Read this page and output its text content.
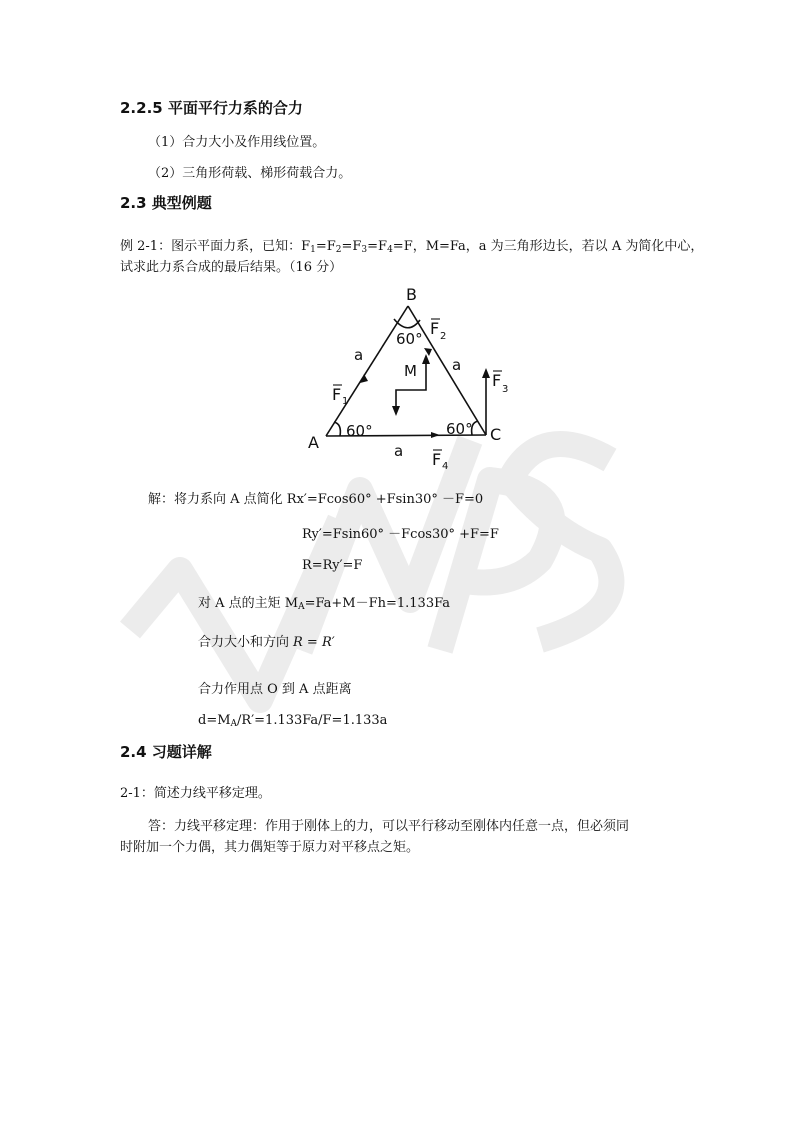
2.2.5 平面平行力系的合力
（1）合力大小及作用线位置。
（2）三角形荷载、梯形荷载合力。
2.3 典型例题
例 2-1：图示平面力系，已知：$F_1=F_2=F_3=F_4=F$，M=Fa，a 为三角形边长，若以 A 为简化中心，
试求此力系合成的最后结果。（16 分）
B
A	C
60°
60°	60°
a
a
a
M
F 1
F 2
F 3
F 4
解：将力系向 A 点简化 Rx′=Fcos60° +Fsin30° －F=0
Ry′=Fsin60° －Fcos30° +F=F
R=Ry′=F
对 A 点的主矩 $M_A=Fa+M-Fh=1.133Fa$
合力大小和方向 R = R′
合力作用点 O 到 A 点距离
$d=M_A/R'=1.133Fa/F=1.133a$
2.4 习题详解
2-1：简述力线平移定理。
答：力线平移定理：作用于刚体上的力，可以平行移动至刚体内任意一点，但必须同
时附加一个力偶，其力偶矩等于原力对平移点之矩。
